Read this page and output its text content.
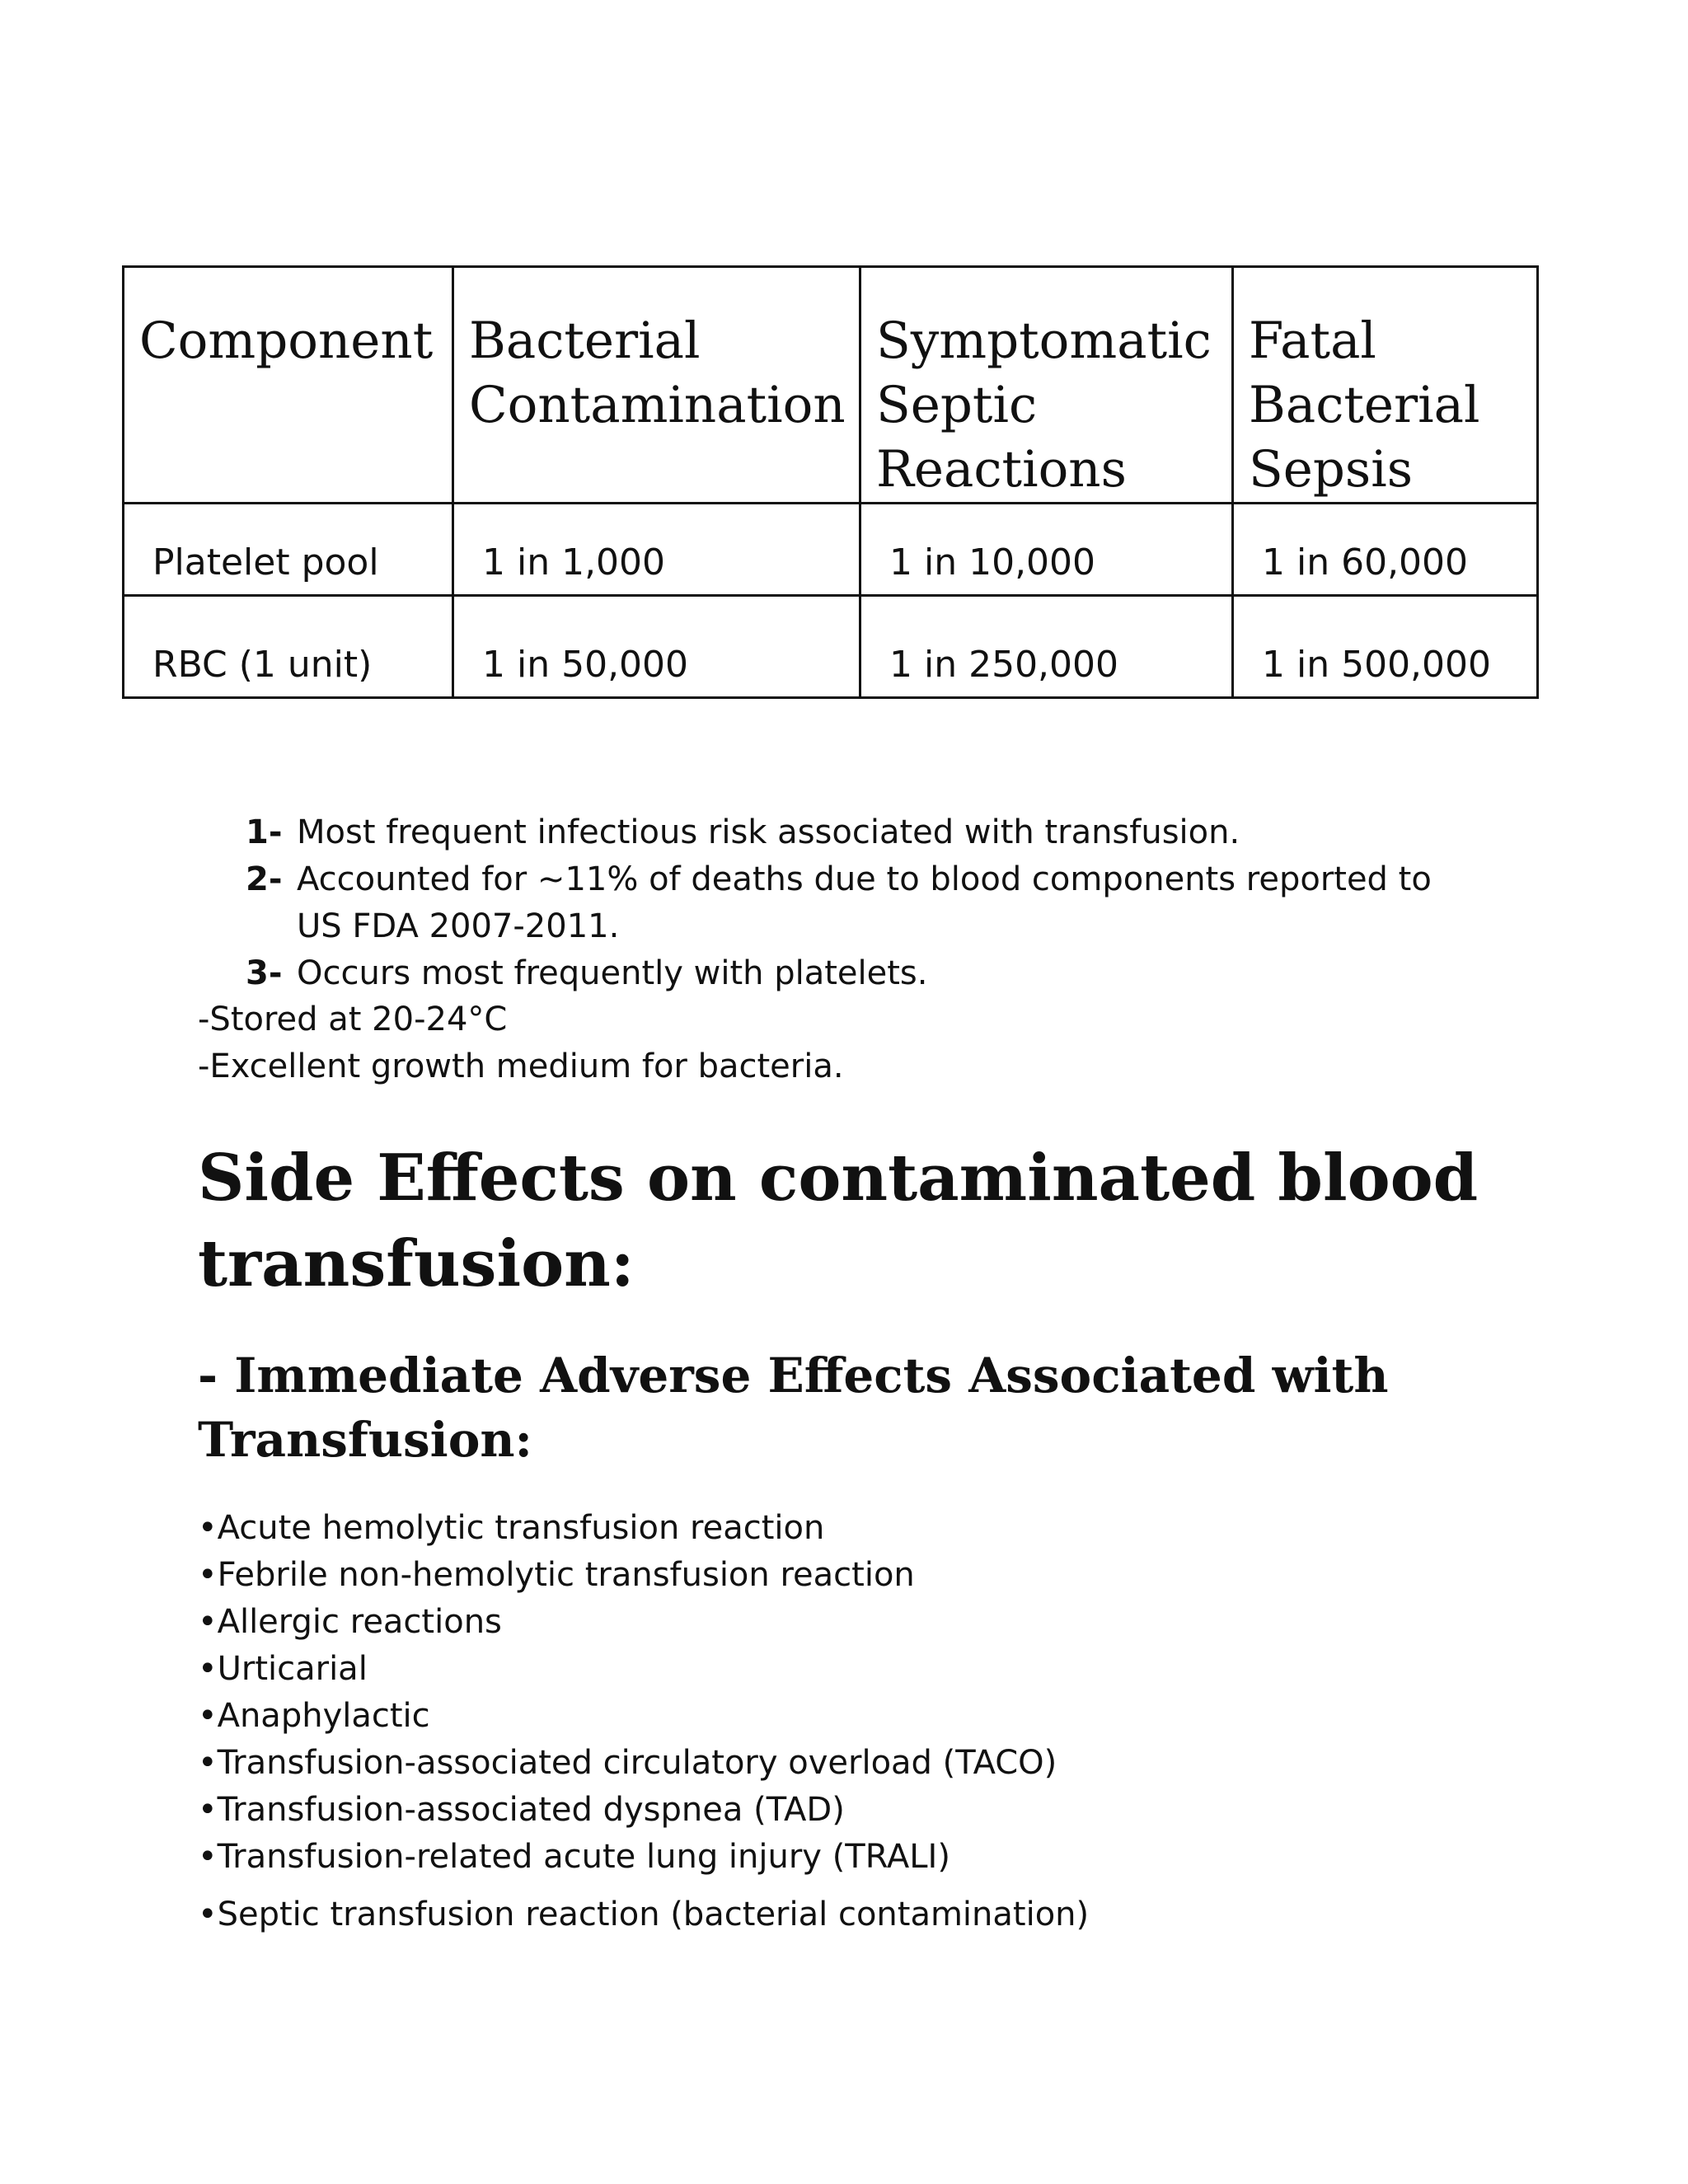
Component	Bacterial Contamination	Symptomatic Septic Reactions	Fatal Bacterial Sepsis
Platelet pool	1 in 1,000	1 in 10,000	1 in 60,000
RBC (1 unit)	1 in 50,000	1 in 250,000	1 in 500,000
1- Most frequent infectious risk associated with transfusion.
2- Accounted for ~11% of deaths due to blood components reported to US FDA 2007-2011.
3- Occurs most frequently with platelets.
-Stored at 20-24°C
-Excellent growth medium for bacteria.
Side Effects on contaminated blood transfusion:
- Immediate Adverse Effects Associated with Transfusion:
•Acute hemolytic transfusion reaction
•Febrile non-hemolytic transfusion reaction
•Allergic reactions
•Urticarial
•Anaphylactic
•Transfusion-associated circulatory overload (TACO)
•Transfusion-associated dyspnea (TAD)
•Transfusion-related acute lung injury (TRALI)
•Septic transfusion reaction (bacterial contamination)
